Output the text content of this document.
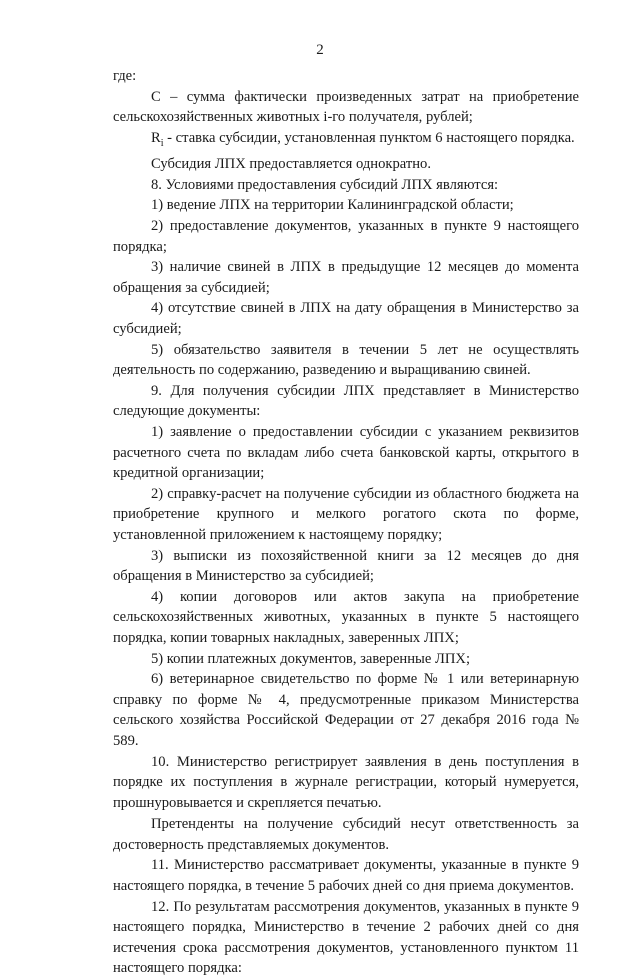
2

где:

С – сумма фактически произведенных затрат на приобретение сельскохозяйственных животных i-го получателя, рублей;

$R_i$ - ставка субсидии, установленная пунктом 6 настоящего порядка.

Субсидия ЛПХ предоставляется однократно.

8. Условиями предоставления субсидий ЛПХ являются:

1) ведение ЛПХ на территории Калининградской области;

2) предоставление документов, указанных в пункте 9 настоящего порядка;

3) наличие свиней в ЛПХ в предыдущие 12 месяцев до момента обращения за субсидией;

4) отсутствие свиней в ЛПХ на дату обращения в Министерство за субсидией;

5) обязательство заявителя в течении 5 лет не осуществлять деятельность по содержанию, разведению и выращиванию свиней.

9. Для получения субсидии ЛПХ представляет в Министерство следующие документы:

1) заявление о предоставлении субсидии с указанием реквизитов расчетного счета по вкладам либо счета банковской карты, открытого в кредитной организации;

2) справку-расчет на получение субсидии из областного бюджета на приобретение крупного и мелкого рогатого скота по форме, установленной приложением к настоящему порядку;

3) выписки из похозяйственной книги за 12 месяцев до дня обращения в Министерство за субсидией;

4) копии договоров или актов закупа на приобретение сельскохозяйственных животных, указанных в пункте 5 настоящего порядка, копии товарных накладных, заверенных ЛПХ;

5) копии платежных документов, заверенные ЛПХ;

6) ветеринарное свидетельство по форме № 1 или ветеринарную справку по форме № 4, предусмотренные приказом Министерства сельского хозяйства Российской Федерации от 27 декабря 2016 года № 589.

10. Министерство регистрирует заявления в день поступления в порядке их поступления в журнале регистрации, который нумеруется, прошнуровывается и скрепляется печатью.

Претенденты на получение субсидий несут ответственность за достоверность представляемых документов.

11. Министерство рассматривает документы, указанные в пункте 9 настоящего порядка, в течение 5 рабочих дней со дня приема документов.

12. По результатам рассмотрения документов, указанных в пункте 9 настоящего порядка, Министерство в течение 2 рабочих дней со дня истечения срока рассмотрения документов, установленного пунктом 11 настоящего порядка:
